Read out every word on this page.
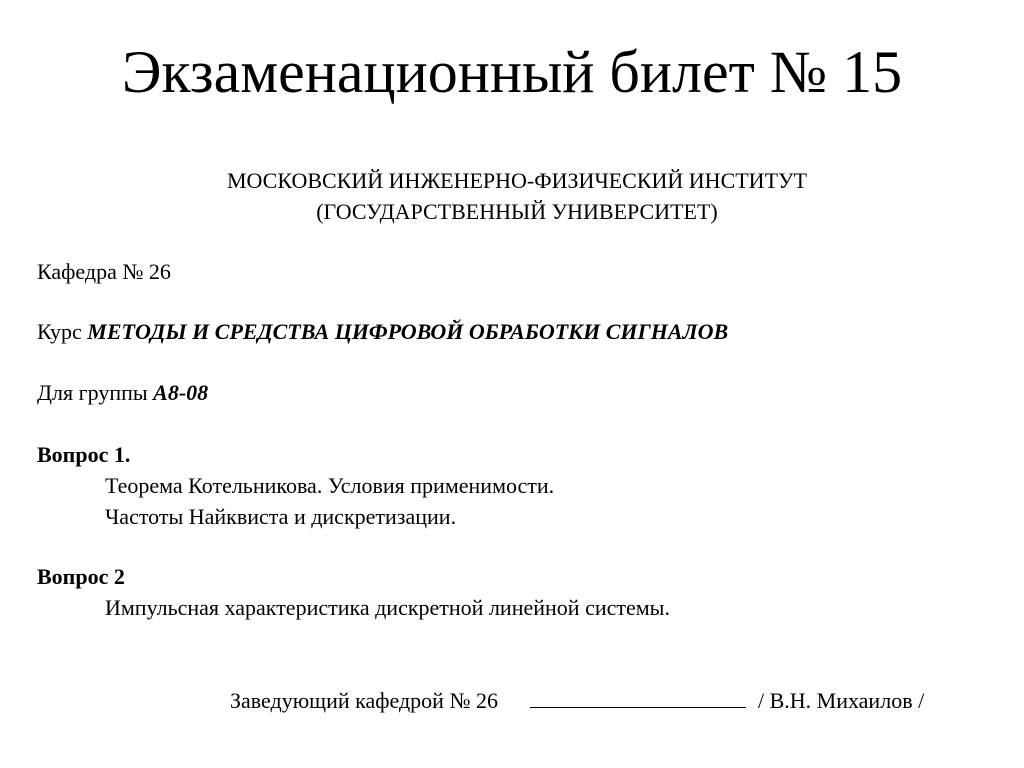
Экзаменационный билет № 15
МОСКОВСКИЙ ИНЖЕНЕРНО-ФИЗИЧЕСКИЙ ИНСТИТУТ
(ГОСУДАРСТВЕННЫЙ УНИВЕРСИТЕТ)
Кафедра № 26
Курс МЕТОДЫ И СРЕДСТВА ЦИФРОВОЙ ОБРАБОТКИ СИГНАЛОВ
Для группы А8-08
Вопрос 1.
Теорема Котельникова. Условия применимости.
Частоты Найквиста и дискретизации.
Вопрос 2
Импульсная характеристика дискретной линейной системы.
Заведующий кафедрой № 26	/ В.Н. Михаилов /
